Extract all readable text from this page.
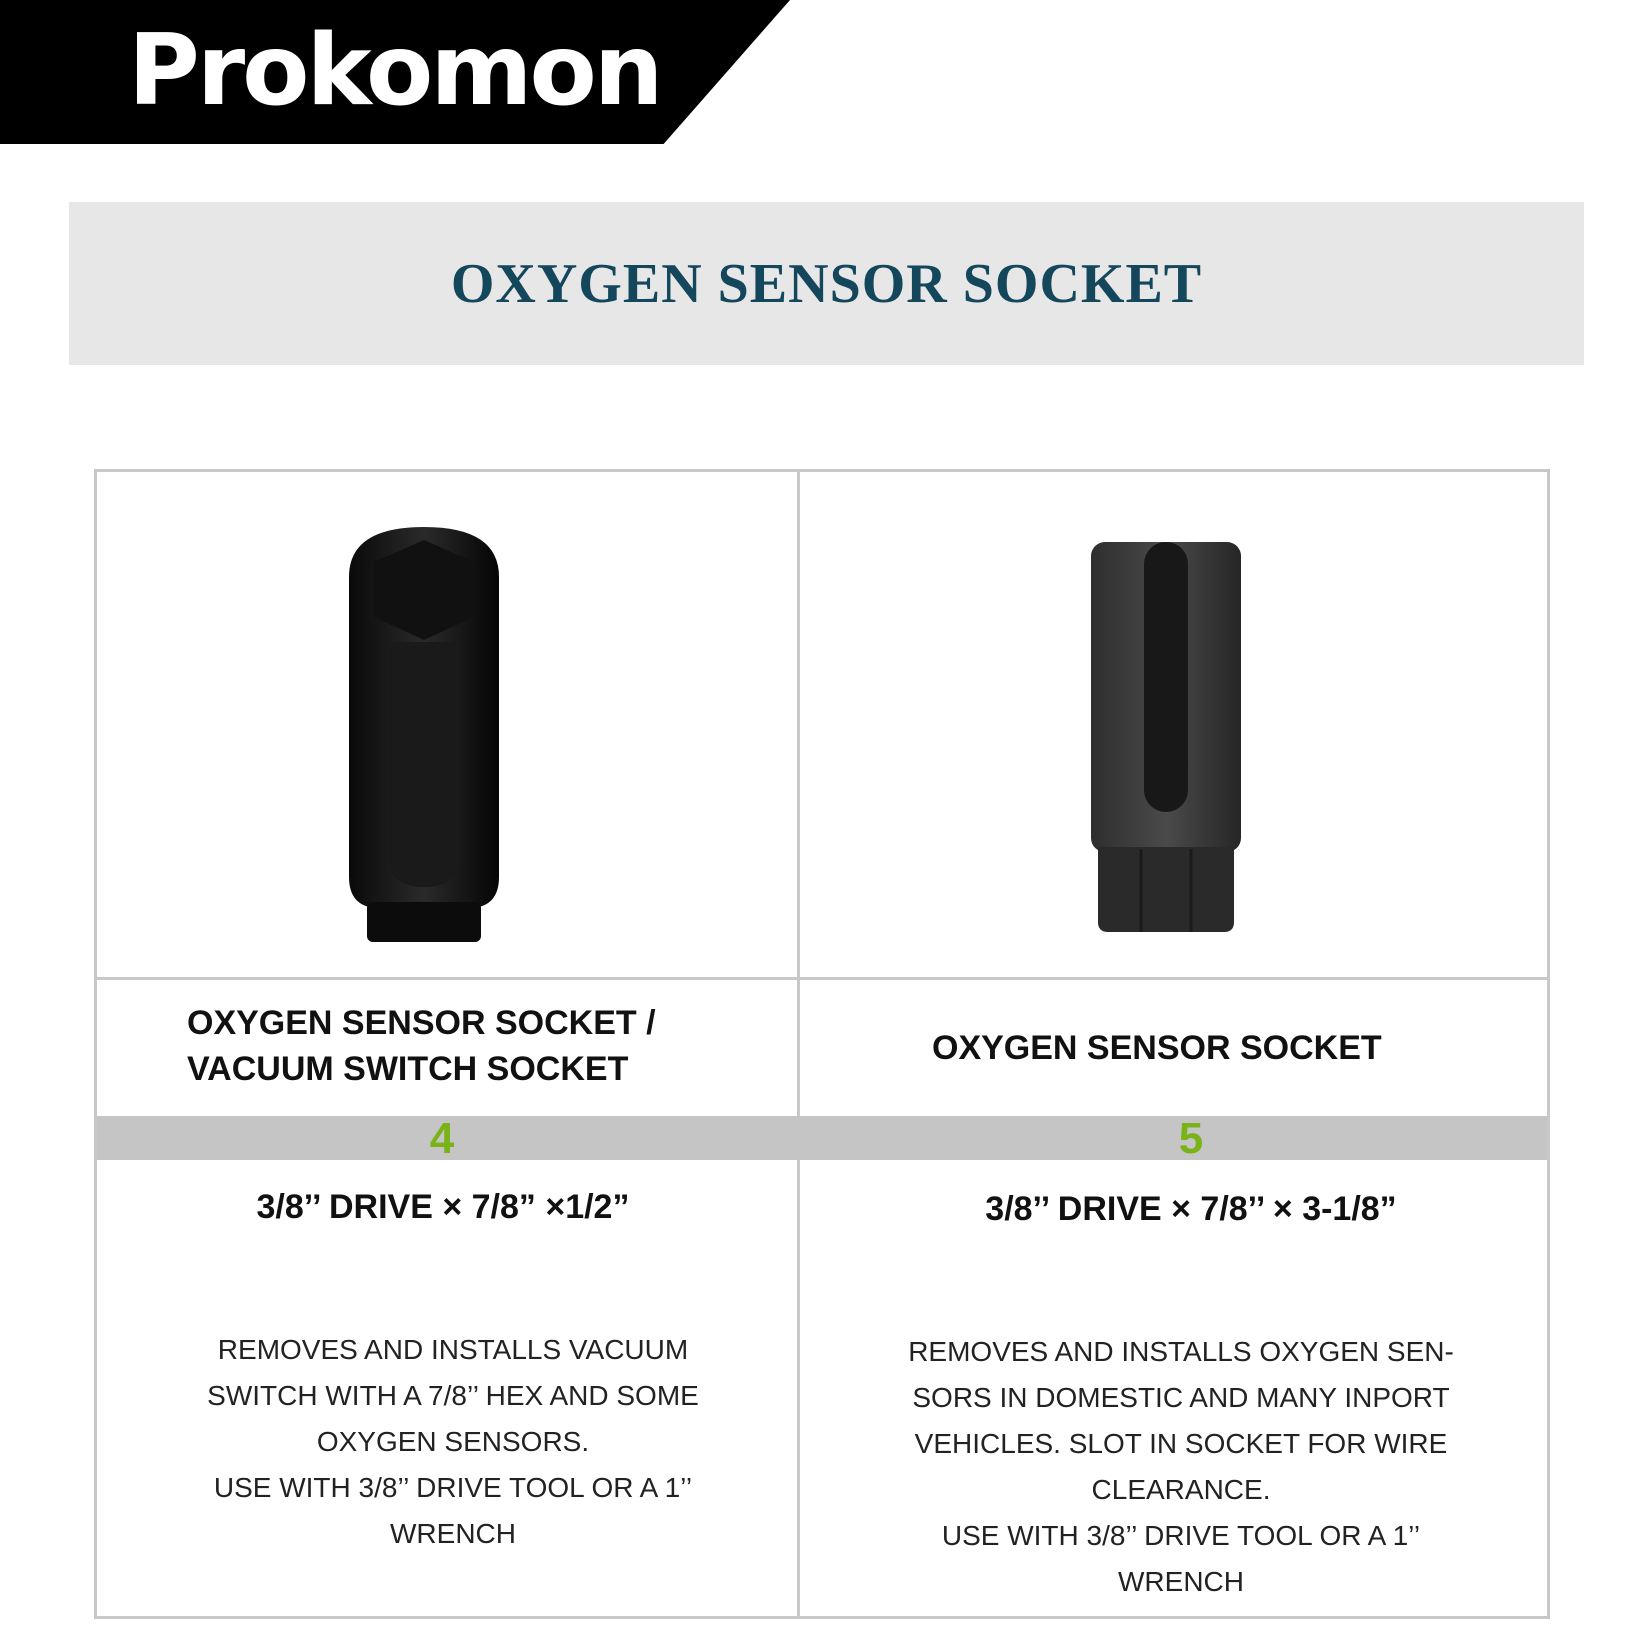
Prokomon
OXYGEN SENSOR SOCKET
OXYGEN SENSOR SOCKET /
VACUUM SWITCH SOCKET
OXYGEN SENSOR SOCKET
4	5
3/8’’ DRIVE × 7/8” ×1/2”	3/8’’ DRIVE × 7/8’’ × 3-1/8”
REMOVES AND INSTALLS VACUUM
SWITCH WITH A 7/8’’ HEX AND SOME
OXYGEN SENSORS.
USE WITH 3/8’’ DRIVE TOOL OR A 1’’
WRENCH
REMOVES AND INSTALLS OXYGEN SEN-
SORS IN DOMESTIC AND MANY INPORT
VEHICLES. SLOT IN SOCKET FOR WIRE
CLEARANCE.
USE WITH 3/8’’ DRIVE TOOL OR A 1’’
WRENCH
